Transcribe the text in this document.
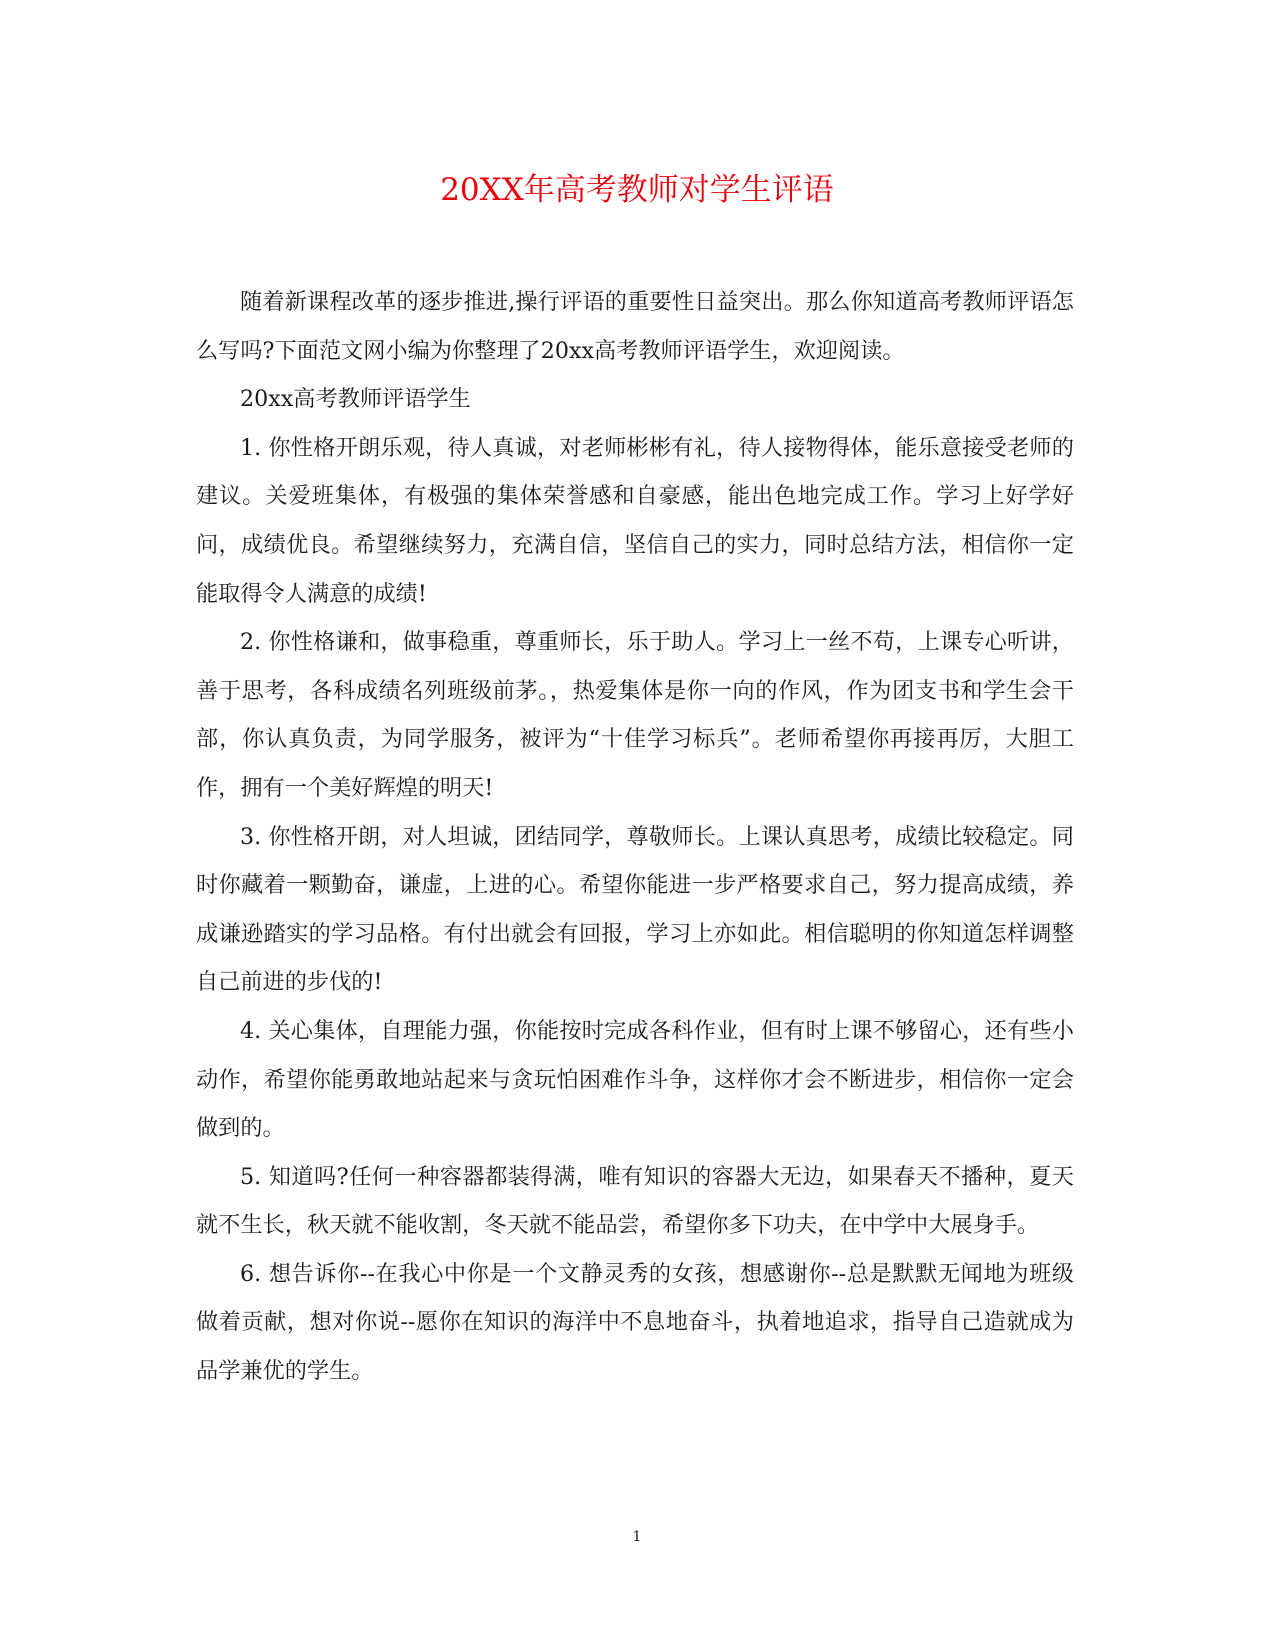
20XX年高考教师对学生评语

随着新课程改革的逐步推进,操行评语的重要性日益突出。那么你知道高考教师评语怎么写吗?下面范文网小编为你整理了20xx高考教师评语学生，欢迎阅读。

20xx高考教师评语学生

1. 你性格开朗乐观，待人真诚，对老师彬彬有礼，待人接物得体，能乐意接受老师的建议。关爱班集体，有极强的集体荣誉感和自豪感，能出色地完成工作。学习上好学好问，成绩优良。希望继续努力，充满自信，坚信自己的实力，同时总结方法，相信你一定能取得令人满意的成绩!

2. 你性格谦和，做事稳重，尊重师长，乐于助人。学习上一丝不苟，上课专心听讲，善于思考，各科成绩名列班级前茅。，热爱集体是你一向的作风，作为团支书和学生会干部，你认真负责，为同学服务，被评为“十佳学习标兵”。老师希望你再接再厉，大胆工作，拥有一个美好辉煌的明天!

3. 你性格开朗，对人坦诚，团结同学，尊敬师长。上课认真思考，成绩比较稳定。同时你藏着一颗勤奋，谦虚，上进的心。希望你能进一步严格要求自己，努力提高成绩，养成谦逊踏实的学习品格。有付出就会有回报，学习上亦如此。相信聪明的你知道怎样调整自己前进的步伐的!

4. 关心集体，自理能力强，你能按时完成各科作业，但有时上课不够留心，还有些小动作，希望你能勇敢地站起来与贪玩怕困难作斗争，这样你才会不断进步，相信你一定会做到的。

5. 知道吗?任何一种容器都装得满，唯有知识的容器大无边，如果春天不播种，夏天就不生长，秋天就不能收割，冬天就不能品尝，希望你多下功夫，在中学中大展身手。

6. 想告诉你--在我心中你是一个文静灵秀的女孩，想感谢你--总是默默无闻地为班级做着贡献，想对你说--愿你在知识的海洋中不息地奋斗，执着地追求，指导自己造就成为品学兼优的学生。

1
